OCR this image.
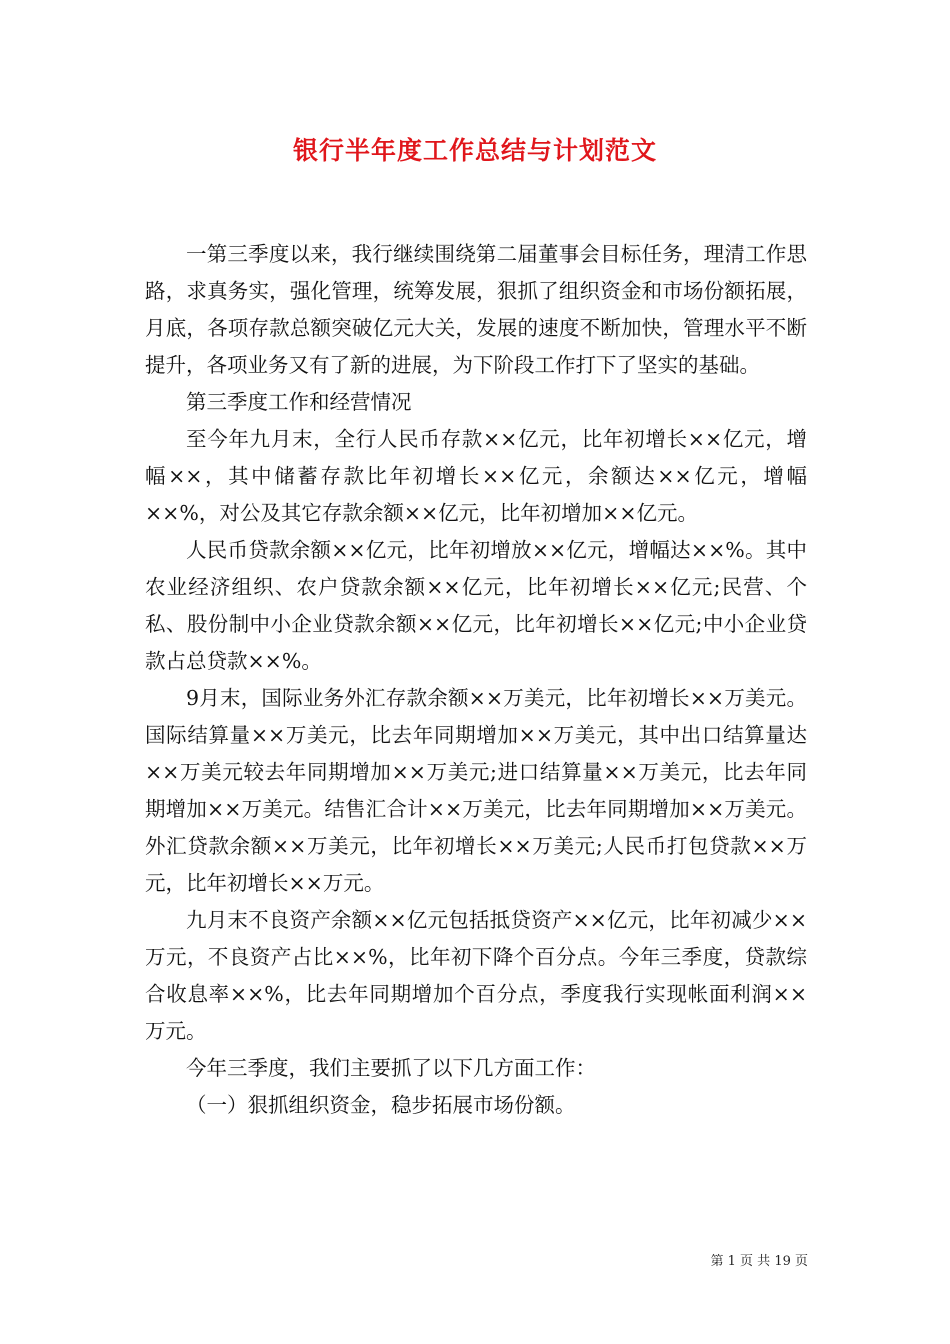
银行半年度工作总结与计划范文

一第三季度以来，我行继续围绕第二届董事会目标任务，理清工作思路，求真务实，强化管理，统筹发展，狠抓了组织资金和市场份额拓展，月底，各项存款总额突破亿元大关，发展的速度不断加快，管理水平不断提升，各项业务又有了新的进展，为下阶段工作打下了坚实的基础。

第三季度工作和经营情况

至今年九月末，全行人民币存款××亿元，比年初增长××亿元，增幅××，其中储蓄存款比年初增长××亿元，余额达××亿元，增幅××%，对公及其它存款余额××亿元，比年初增加××亿元。

人民币贷款余额××亿元，比年初增放××亿元，增幅达××%。其中农业经济组织、农户贷款余额××亿元，比年初增长××亿元;民营、个私、股份制中小企业贷款余额××亿元，比年初增长××亿元;中小企业贷款占总贷款××%。

9月末，国际业务外汇存款余额××万美元，比年初增长××万美元。国际结算量××万美元，比去年同期增加××万美元，其中出口结算量达××万美元较去年同期增加××万美元;进口结算量××万美元，比去年同期增加××万美元。结售汇合计××万美元，比去年同期增加××万美元。外汇贷款余额××万美元，比年初增长××万美元;人民币打包贷款××万元，比年初增长××万元。

九月末不良资产余额××亿元包括抵贷资产××亿元，比年初减少××万元，不良资产占比××%，比年初下降个百分点。今年三季度，贷款综合收息率××%，比去年同期增加个百分点，季度我行实现帐面利润××万元。

今年三季度，我们主要抓了以下几方面工作：

（一）狠抓组织资金，稳步拓展市场份额。

第 1 页 共 19 页
